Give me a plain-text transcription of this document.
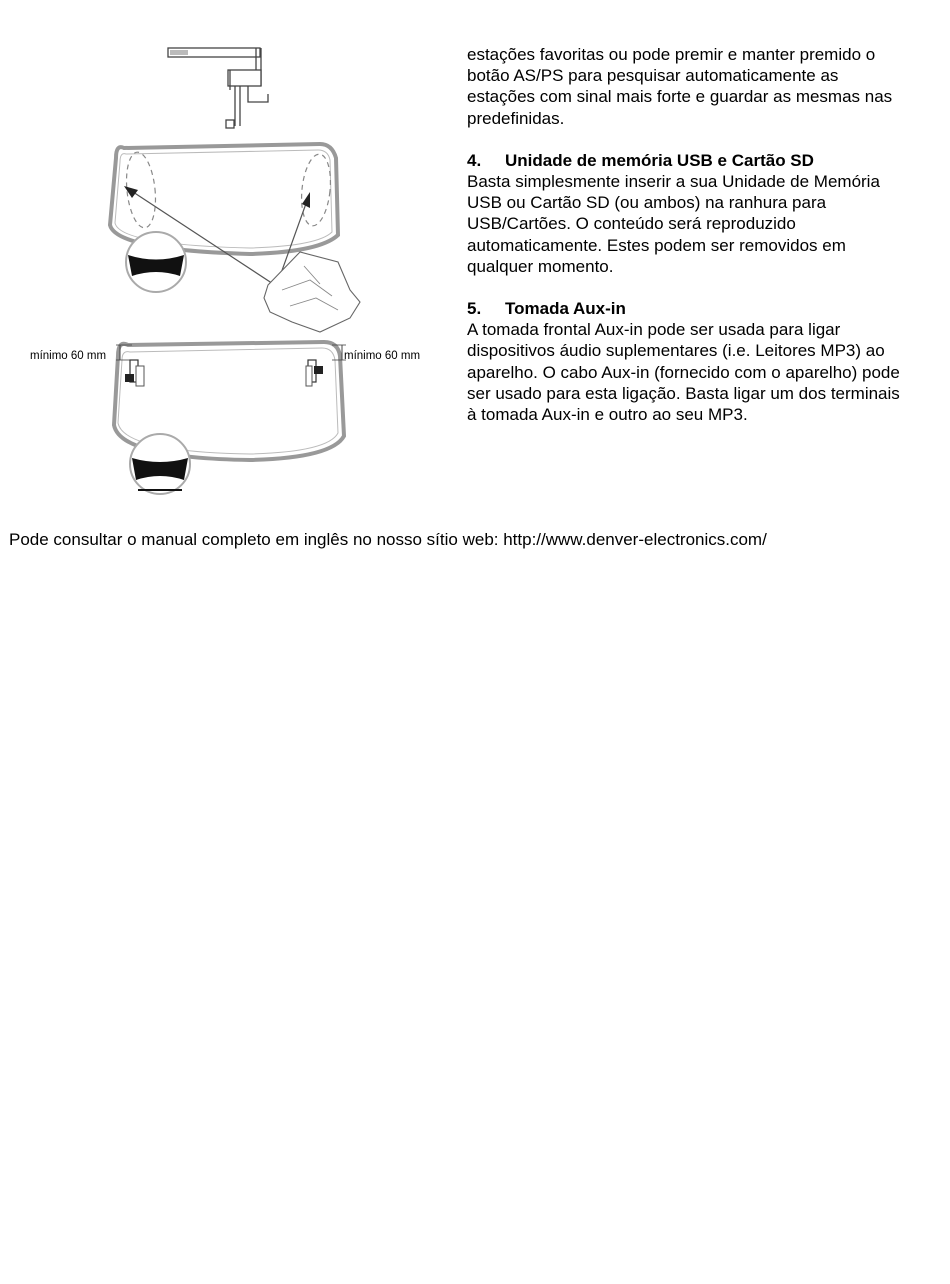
mínimo 60 mm	mínimo 60 mm

estações favoritas ou pode premir e manter premido o botão AS/PS para pesquisar automaticamente as estações com sinal mais forte e guardar as mesmas nas predefinidas.

4. Unidade de memória USB e Cartão SD

Basta simplesmente inserir a sua Unidade de Memória USB ou Cartão SD (ou ambos) na ranhura para USB/Cartões. O conteúdo será reproduzido automaticamente. Estes podem ser removidos em qualquer momento.

5. Tomada Aux-in

A tomada frontal Aux-in pode ser usada para ligar dispositivos áudio suplementares (i.e. Leitores MP3) ao aparelho. O cabo Aux-in (fornecido com o aparelho) pode ser usado para esta ligação. Basta ligar um dos terminais à tomada Aux-in e outro ao seu MP3.

Pode consultar o manual completo em inglês no nosso sítio web: http://www.denver-electronics.com/
